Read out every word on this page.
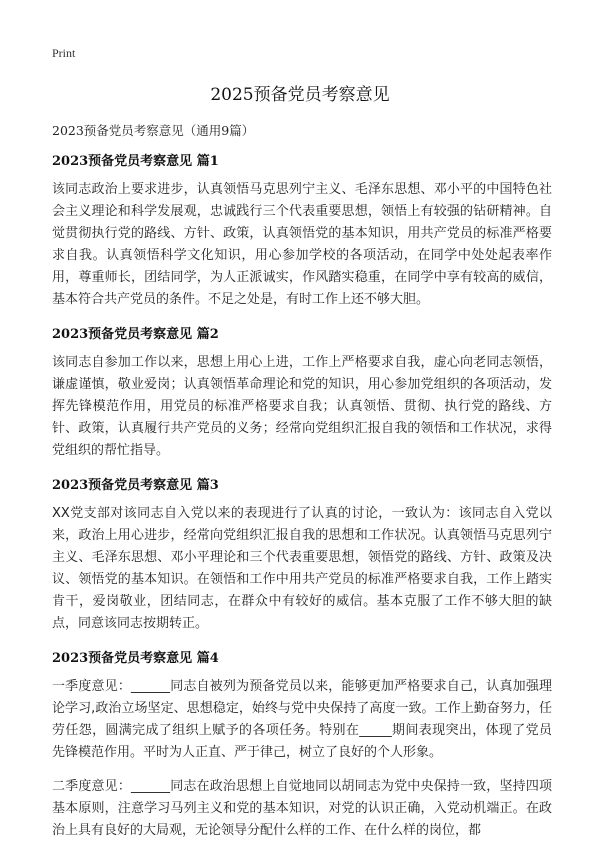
Print
2025预备党员考察意见
2023预备党员考察意见（通用9篇）
2023预备党员考察意见 篇1

该同志政治上要求进步，认真领悟马克思列宁主义、毛泽东思想、邓小平的中国特色社会主义理论和科学发展观，忠诚践行三个代表重要思想，领悟上有较强的钻研精神。自觉贯彻执行党的路线、方针、政策，认真领悟党的基本知识，用共产党员的标准严格要求自我。认真领悟科学文化知识，用心参加学校的各项活动，在同学中处处起表率作用，尊重师长，团结同学，为人正派诚实，作风踏实稳重，在同学中享有较高的威信，基本符合共产党员的条件。不足之处是，有时工作上还不够大胆。

2023预备党员考察意见 篇2

该同志自参加工作以来，思想上用心上进，工作上严格要求自我，虚心向老同志领悟，谦虚谨慎，敬业爱岗；认真领悟革命理论和党的知识，用心参加党组织的各项活动，发挥先锋模范作用，用党员的标准严格要求自我；认真领悟、贯彻、执行党的路线、方针、政策，认真履行共产党员的义务；经常向党组织汇报自我的领悟和工作状况，求得党组织的帮忙指导。

2023预备党员考察意见 篇3

XX党支部对该同志自入党以来的表现进行了认真的讨论，一致认为：该同志自入党以来，政治上用心进步，经常向党组织汇报自我的思想和工作状况。认真领悟马克思列宁主义、毛泽东思想、邓小平理论和三个代表重要思想，领悟党的路线、方针、政策及决议、领悟党的基本知识。在领悟和工作中用共产党员的标准严格要求自我，工作上踏实肯干，爱岗敬业，团结同志，在群众中有较好的威信。基本克服了工作不够大胆的缺点，同意该同志按期转正。

2023预备党员考察意见 篇4

一季度意见：______同志自被列为预备党员以来，能够更加严格要求自己，认真加强理论学习,政治立场坚定、思想稳定，始终与党中央保持了高度一致。工作上勤奋努力，任劳任怨，圆满完成了组织上赋予的各项任务。特别在_____期间表现突出，体现了党员先锋模范作用。平时为人正直、严于律己，树立了良好的个人形象。

二季度意见：______同志在政治思想上自觉地同以胡同志为党中央保持一致，坚持四项基本原则，注意学习马列主义和党的基本知识，对党的认识正确，入党动机端正。在政治上具有良好的大局观，无论领导分配什么样的工作、在什么样的岗位，都
